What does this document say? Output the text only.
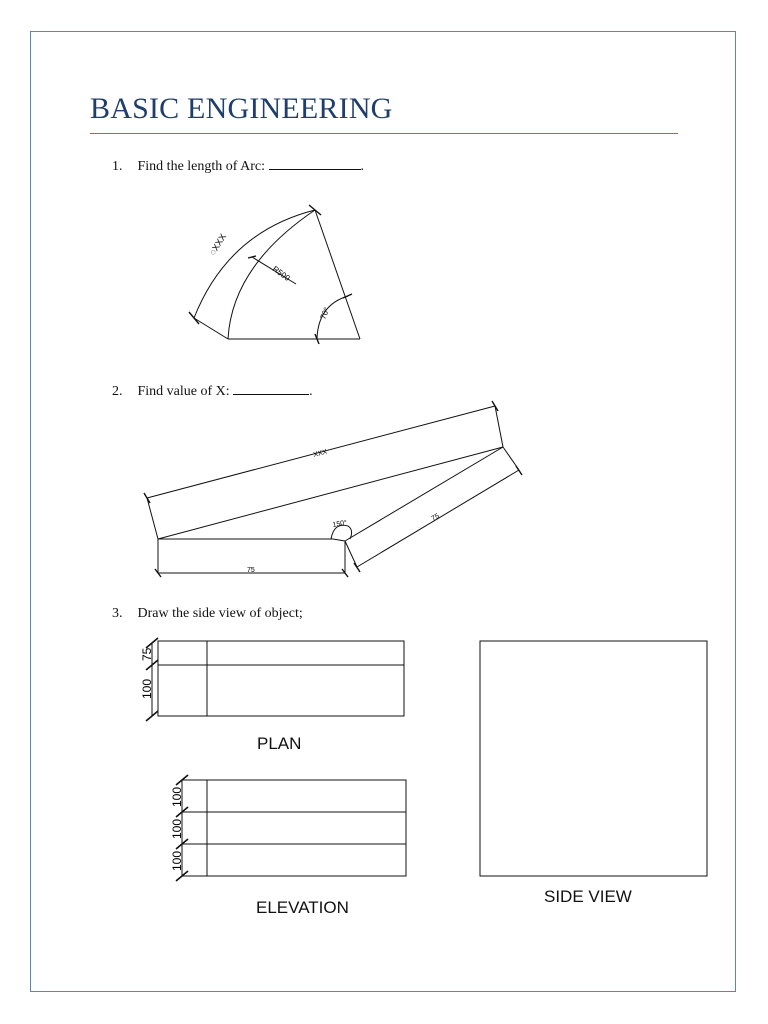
BASIC ENGINEERING
1. Find the length of Arc:	.
2. Find value of X:	.
3. Draw the side view of object;
◌XXX
R500
70°
XXX
150°
75
75
75
100
100
100
100
PLAN
ELEVATION
SIDE VIEW
